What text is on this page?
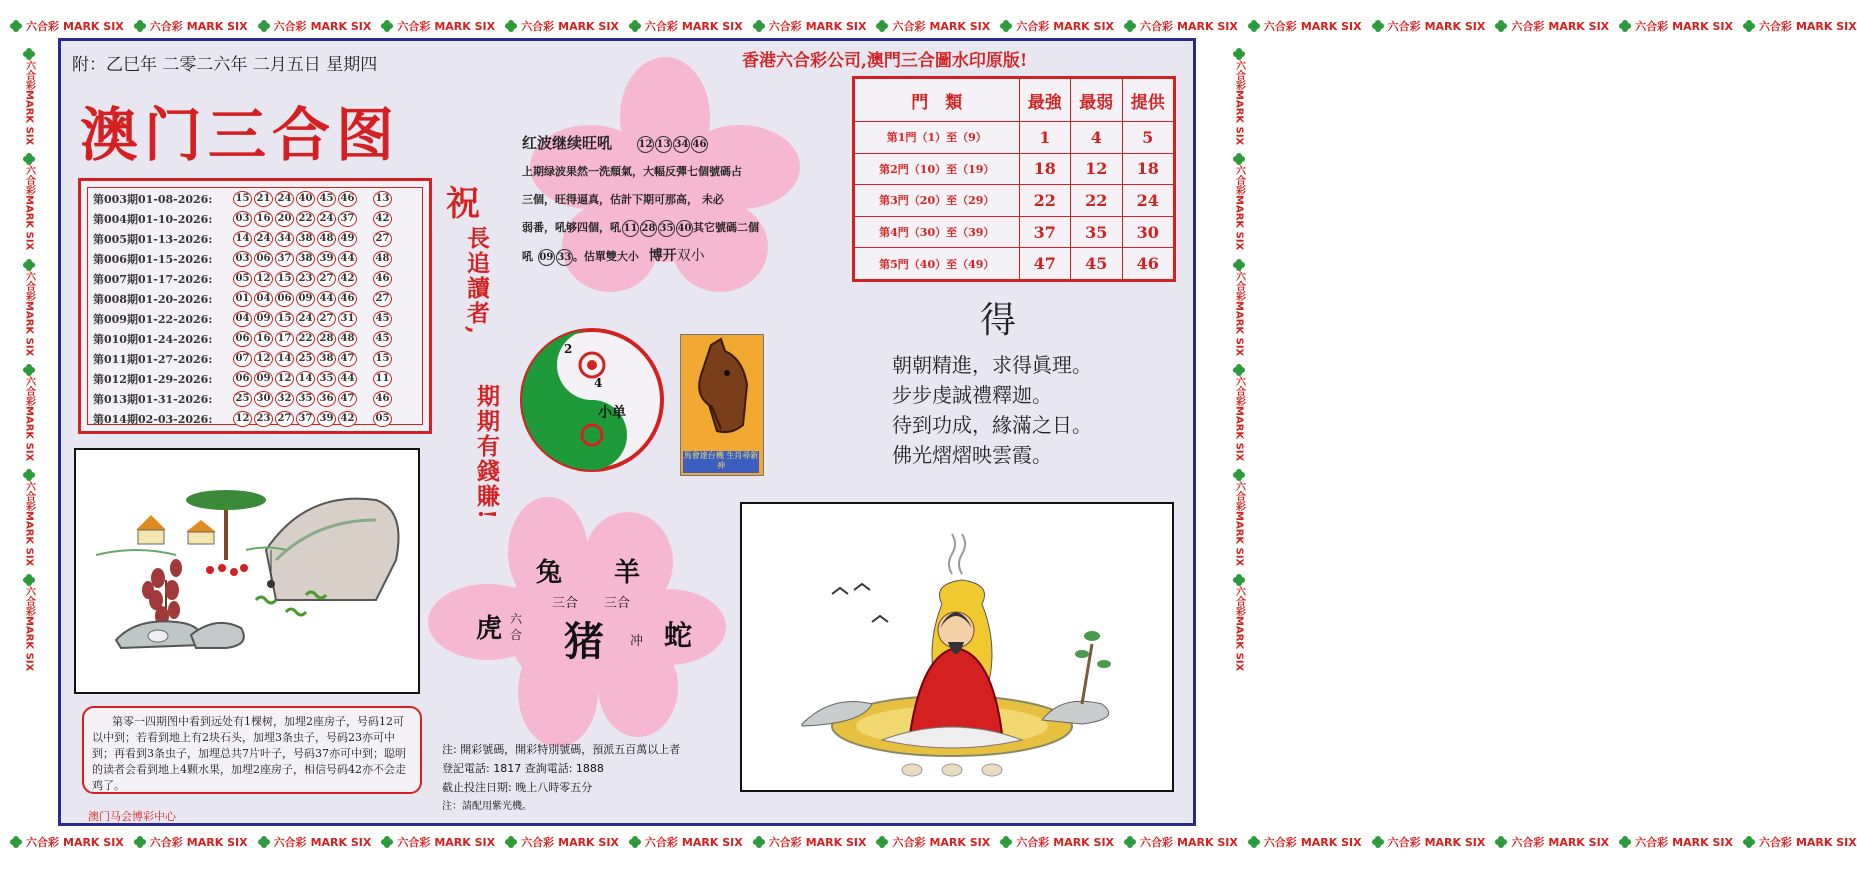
六合彩 MARK SIX 六合彩 MARK SIX 六合彩 MARK SIX 六合彩 MARK SIX 六合彩 MARK SIX 六合彩 MARK SIX 六合彩 MARK SIX 六合彩 MARK SIX 六合彩 MARK SIX 六合彩 MARK SIX 六合彩 MARK SIX 六合彩 MARK SIX 六合彩 MARK SIX 六合彩 MARK SIX 六合彩 MARK SIX
六合彩 MARK SIX 六合彩 MARK SIX 六合彩 MARK SIX 六合彩 MARK SIX 六合彩 MARK SIX 六合彩 MARK SIX 六合彩 MARK SIX 六合彩 MARK SIX 六合彩 MARK SIX 六合彩 MARK SIX 六合彩 MARK SIX 六合彩 MARK SIX 六合彩 MARK SIX 六合彩 MARK SIX 六合彩 MARK SIX
六合彩
MARK SIX
六合彩
MARK SIX
六合彩
MARK SIX
六合彩
MARK SIX
六合彩
MARK SIX
六合彩
MARK SIX
六合彩
MARK SIX
六合彩
MARK SIX
六合彩
MARK SIX
六合彩
MARK SIX
六合彩
MARK SIX
六合彩
MARK SIX
附：乙巳年 二零二六年 二月五日 星期四	香港六合彩公司,澳門三合圖水印原版!
澳门三合图
第003期01-08-2026:	15 21 24 40 45 46 13
第004期01-10-2026:	03 16 20 22 24 37 42
第005期01-13-2026:	14 24 34 38 48 49 27
第006期01-15-2026:	03 06 37 38 39 44 48
第007期01-17-2026:	05 12 15 23 27 42 46
第008期01-20-2026:	01 04 06 09 44 46 27
第009期01-22-2026:	04 09 15 24 27 31 45
第010期01-24-2026:	06 16 17 22 28 48 45
第011期01-27-2026:	07 12 14 25 38 47 15
第012期01-29-2026:	06 09 12 14 35 44 11
第013期01-31-2026:	25 30 32 35 36 47 46
第014期02-03-2026:	12 23 27 37 39 42 05
祝
長追讀者,
期期有錢賺!
第零一四期图中看到远处有1棵树，加埋2座房子，号码12可以中到；若看到地上有2块石头，加埋3条虫子，号码23亦可中到；再看到3条虫子，加埋总共7片叶子，号码37亦可中到；聪明的读者会看到地上4颗水果，加埋2座房子，相信号码42亦不会走鸡了。
澳门马会博彩中心
红波继续旺吼	12 13 34 46
上期绿波果然一洗頹氣，大幅反彈七個號碼占
三個，旺得逼真，估計下期可那高， 未必
弱番，吼够四個，吼 11 28 35 40 其它號碼二個
吼 09 33 。估單雙大小 博开双小
2
4
小单
馬會達台機 生肖尋新神
兔 羊
三合 三合
虎 六
合 猪 冲 蛇
注: 開彩號碼，開彩特別號碼，預派五百萬以上者
登記電話: 1817 查詢電話: 1888
截止投注日期: 晚上八時零五分
注：請配用紫光機。
門　類	最強	最弱	提供
第1門（1）至（9）	1	4	5
第2門（10）至（19）	18	12	18
第3門（20）至（29）	22	22	24
第4門（30）至（39）	37	35	30
第5門（40）至（49）	47	45	46
得
朝朝精進，求得眞理。
步步虔誠禮釋迦。
待到功成，緣滿之日。
佛光熠熠映雲霞。
